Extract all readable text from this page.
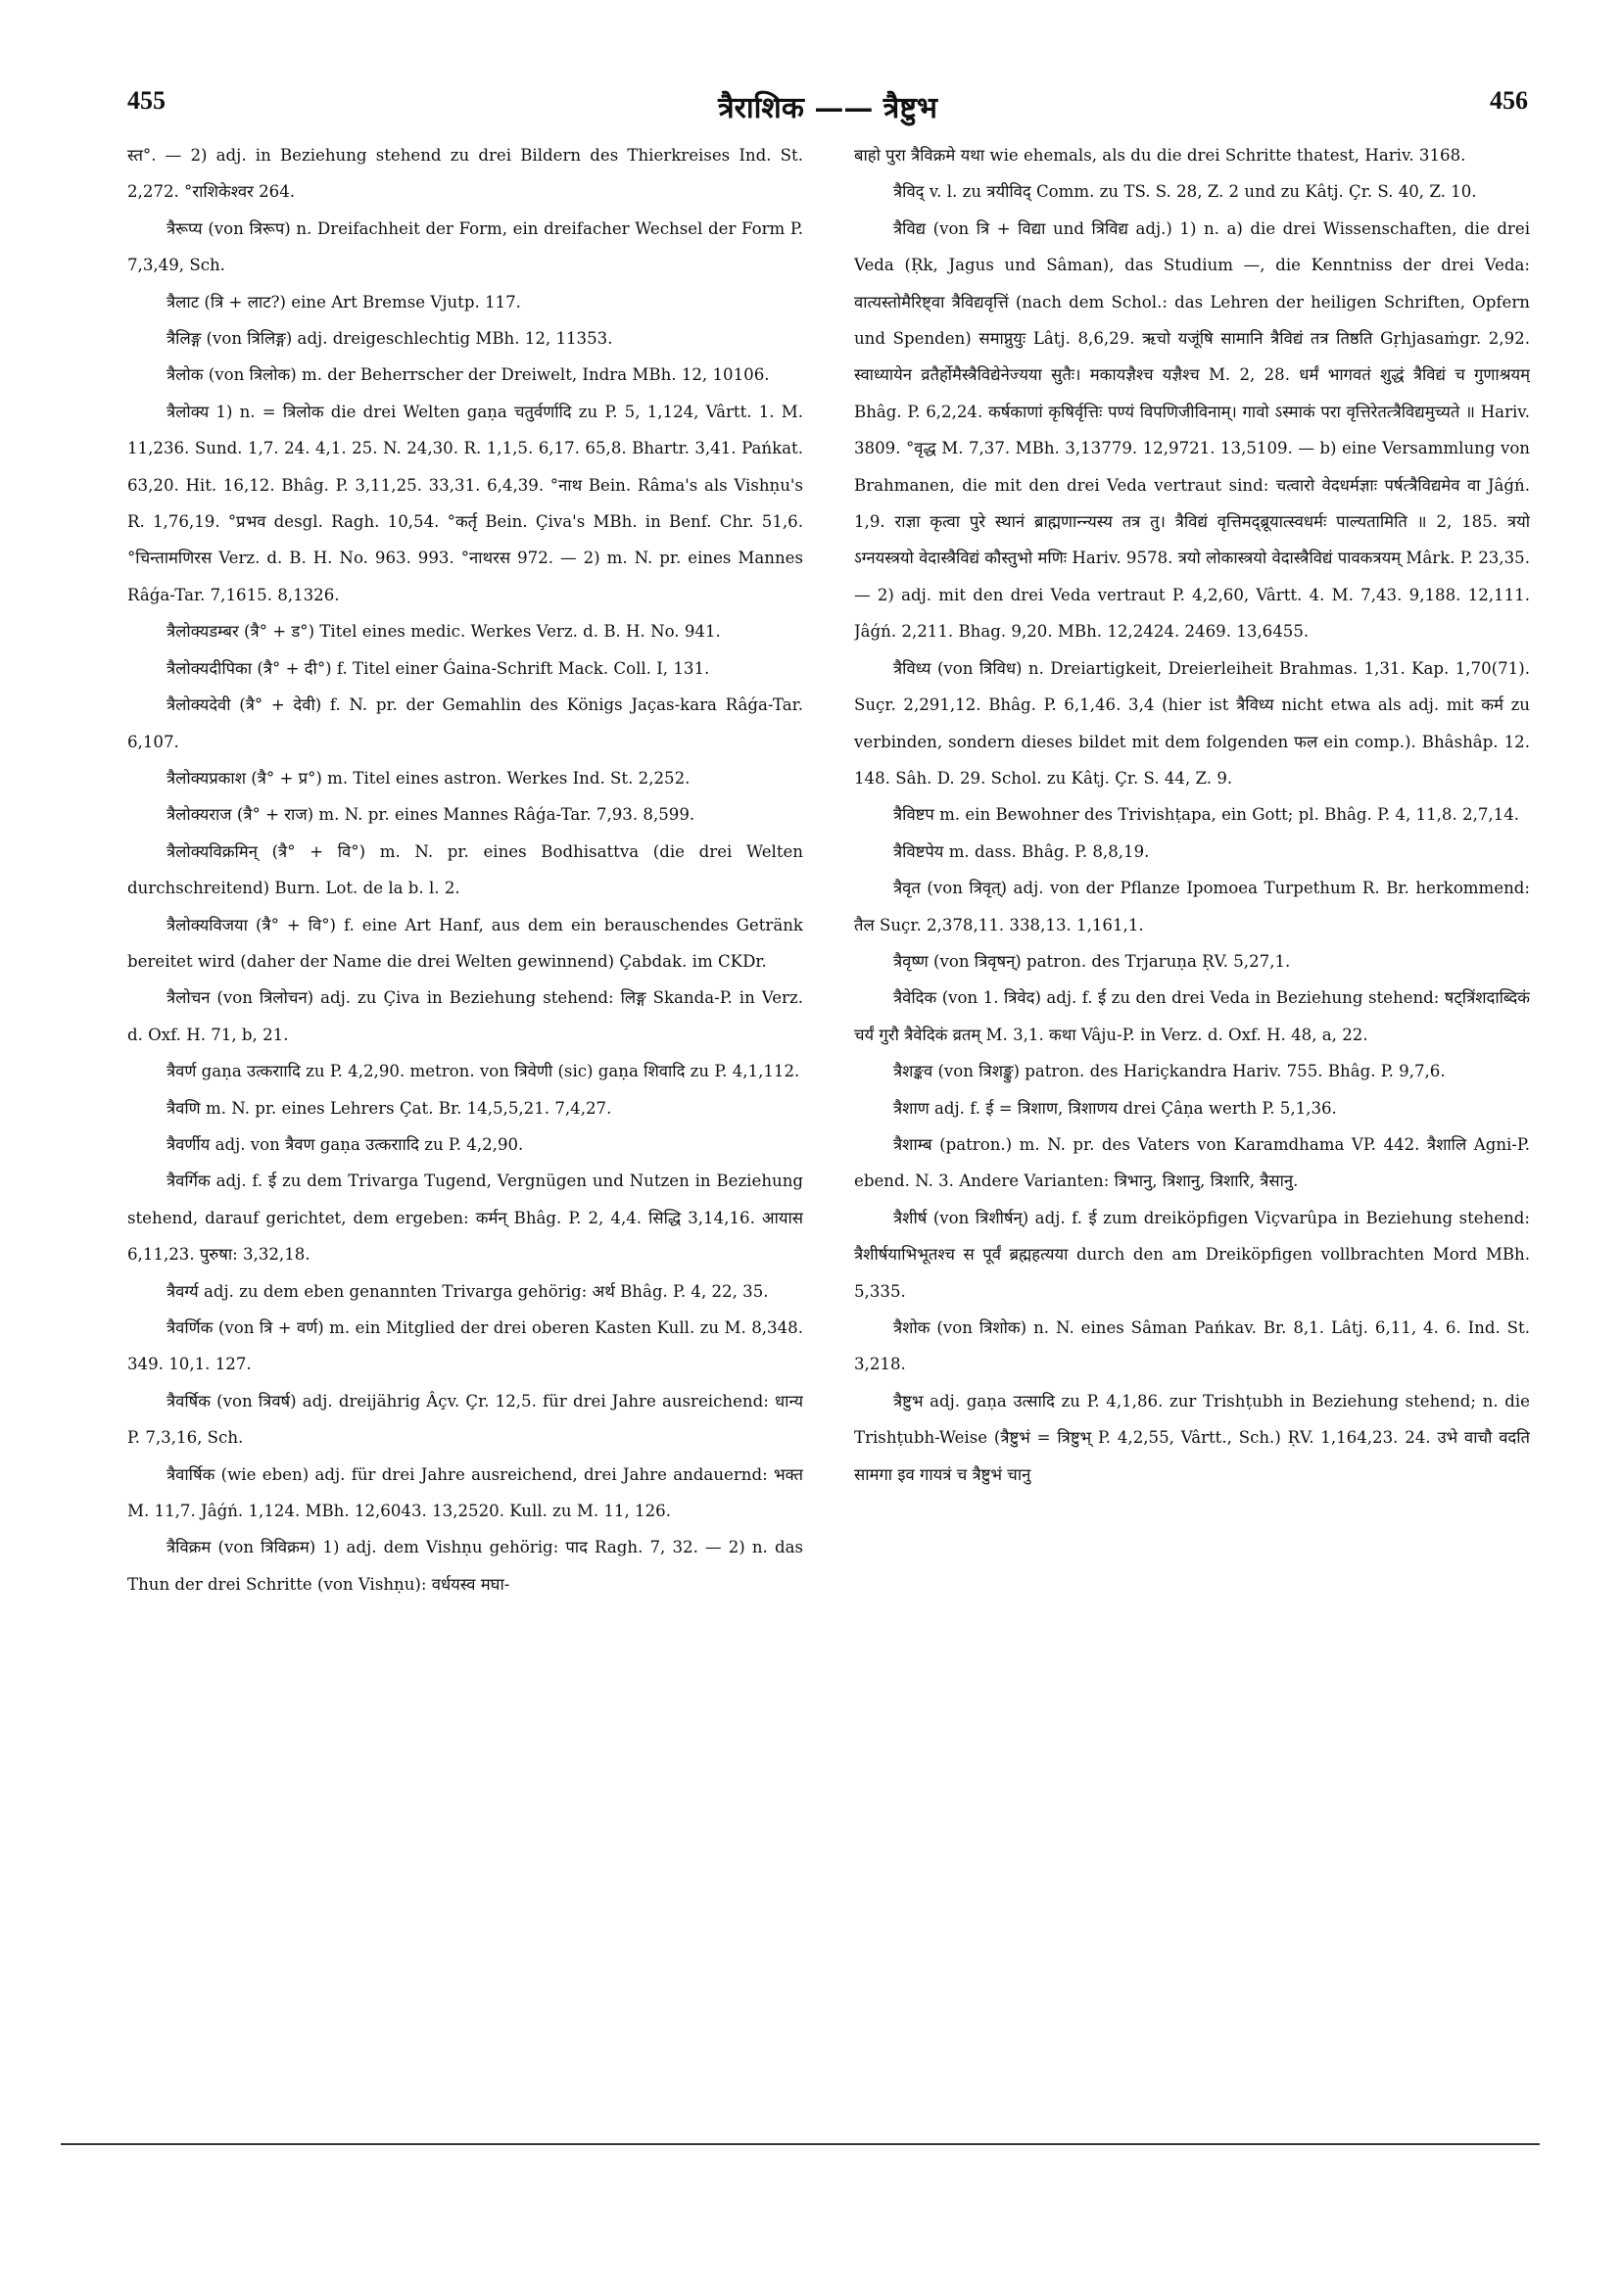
455	त्रैराशिक —— त्रैष्टुभ	456

स्त°. — 2) adj. in Beziehung stehend zu drei Bildern des Thierkreises Ind. St. 2,272. °राशिकेश्वर 264.

त्रैरूप्य (von त्रिरूप) n. Dreifachheit der Form, ein dreifacher Wechsel der Form P. 7,3,49, Sch.

त्रैलाट (त्रि + लाट?) eine Art Bremse Vjutp. 117.

त्रैलिङ्ग (von त्रिलिङ्ग) adj. dreigeschlechtig MBh. 12, 11353.

त्रैलोक (von त्रिलोक) m. der Beherrscher der Dreiwelt, Indra MBh. 12, 10106.

त्रैलोक्य 1) n. = त्रिलोक die drei Welten gaṇa चतुर्वर्णादि zu P. 5, 1,124, Vârtt. 1. M. 11,236. Sund. 1,7. 24. 4,1. 25. N. 24,30. R. 1,1,5. 6,17. 65,8. Bhartr. 3,41. Pańkat. 63,20. Hit. 16,12. Bhâg. P. 3,11,25. 33,31. 6,4,39. °नाथ Bein. Râma's als Vishṇu's R. 1,76,19. °प्रभव desgl. Ragh. 10,54. °कर्तृ Bein. Çiva's MBh. in Benf. Chr. 51,6. °चिन्तामणिरस Verz. d. B. H. No. 963. 993. °नाथरस 972. — 2) m. N. pr. eines Mannes Râǵa-Tar. 7,1615. 8,1326.

त्रैलोक्यडम्बर (त्रै° + ड°) Titel eines medic. Werkes Verz. d. B. H. No. 941.

त्रैलोक्यदीपिका (त्रै° + दी°) f. Titel einer Ǵaina-Schrift Mack. Coll. I, 131.

त्रैलोक्यदेवी (त्रै° + देवी) f. N. pr. der Gemahlin des Königs Jaças-kara Râǵa-Tar. 6,107.

त्रैलोक्यप्रकाश (त्रै° + प्र°) m. Titel eines astron. Werkes Ind. St. 2,252.

त्रैलोक्यराज (त्रै° + राज) m. N. pr. eines Mannes Râǵa-Tar. 7,93. 8,599.

त्रैलोक्यविक्रमिन् (त्रै° + वि°) m. N. pr. eines Bodhisattva (die drei Welten durchschreitend) Burn. Lot. de la b. l. 2.

त्रैलोक्यविजया (त्रै° + वि°) f. eine Art Hanf, aus dem ein berauschendes Getränk bereitet wird (daher der Name die drei Welten gewinnend) Çabdak. im CKDr.

त्रैलोचन (von त्रिलोचन) adj. zu Çiva in Beziehung stehend: लिङ्ग Skanda-P. in Verz. d. Oxf. H. 71, b, 21.

त्रैवर्ण gaṇa उत्कराादि zu P. 4,2,90. metron. von त्रिवेणी (sic) gaṇa शिवादि zu P. 4,1,112.

त्रैवणि m. N. pr. eines Lehrers Çat. Br. 14,5,5,21. 7,4,27.

त्रैवर्णीय adj. von त्रैवण gaṇa उत्कराादि zu P. 4,2,90.

त्रैवर्गिक adj. f. ई zu dem Trivarga Tugend, Vergnügen und Nutzen in Beziehung stehend, darauf gerichtet, dem ergeben: कर्मन् Bhâg. P. 2, 4,4. सिद्धि 3,14,16. आयास 6,11,23. पुरुषा: 3,32,18.

त्रैवर्ग्य adj. zu dem eben genannten Trivarga gehörig: अर्थ Bhâg. P. 4, 22, 35.

त्रैवर्णिक (von त्रि + वर्ण) m. ein Mitglied der drei oberen Kasten Kull. zu M. 8,348. 349. 10,1. 127.

त्रैवर्षिक (von त्रिवर्ष) adj. dreijährig Âçv. Çr. 12,5. für drei Jahre ausreichend: धान्य P. 7,3,16, Sch.

त्रैवार्षिक (wie eben) adj. für drei Jahre ausreichend, drei Jahre andauernd: भक्त M. 11,7. Jâǵń. 1,124. MBh. 12,6043. 13,2520. Kull. zu M. 11, 126.

त्रैविक्रम (von त्रिविक्रम) 1) adj. dem Vishṇu gehörig: पाद Ragh. 7, 32. — 2) n. das Thun der drei Schritte (von Vishṇu): वर्धयस्व मघा-

बाहो पुरा त्रैविक्रमे यथा wie ehemals, als du die drei Schritte thatest, Hariv. 3168.

त्रैविद् v. l. zu त्रयीविद् Comm. zu TS. S. 28, Z. 2 und zu Kâtj. Çr. S. 40, Z. 10.

त्रैविद्य (von त्रि + विद्या und त्रिविद्य adj.) 1) n. a) die drei Wissenschaften, die drei Veda (Ṛk, Jagus und Sâman), das Studium —, die Kenntniss der drei Veda: वात्यस्तोमैरिष्ट्वा त्रैविद्यवृत्तिं (nach dem Schol.: das Lehren der heiligen Schriften, Opfern und Spenden) समाप्नुयुः Lâtj. 8,6,29. ऋचो यजूंषि सामानि त्रैविद्यं तत्र तिष्ठति Gṛhjasaṁgr. 2,92. स्वाध्यायेन व्रतैर्होमैस्त्रैविद्येनेज्यया सुतैः। मकायज्ञैश्च यज्ञैश्च M. 2, 28. धर्मं भागवतं शुद्धं त्रैविद्यं च गुणाश्रयम् Bhâg. P. 6,2,24. कर्षकाणां कृषिर्वृत्तिः पण्यं विपणिजीविनाम्। गावो ऽस्माकं परा वृत्तिरेतत्त्रैविद्यमुच्यते ॥ Hariv. 3809. °वृद्ध M. 7,37. MBh. 3,13779. 12,9721. 13,5109. — b) eine Versammlung von Brahmanen, die mit den drei Veda vertraut sind: चत्वारो वेदधर्मज्ञाः पर्षत्त्रैविद्यमेव वा Jâǵń. 1,9. राज्ञा कृत्वा पुरे स्थानं ब्राह्मणान्न्यस्य तत्र तु। त्रैविद्यं वृत्तिमद्ब्रूयात्स्वधर्मः पाल्यतामिति ॥ 2, 185. त्रयो ऽग्नयस्त्रयो वेदास्त्रैविद्यं कौस्तुभो मणिः Hariv. 9578. त्रयो लोकास्त्रयो वेदास्त्रैविद्यं पावकत्रयम् Mârk. P. 23,35. — 2) adj. mit den drei Veda vertraut P. 4,2,60, Vârtt. 4. M. 7,43. 9,188. 12,111. Jâǵń. 2,211. Bhag. 9,20. MBh. 12,2424. 2469. 13,6455.

त्रैविध्य (von त्रिविध) n. Dreiartigkeit, Dreierleiheit Brahmas. 1,31. Kap. 1,70(71). Suçr. 2,291,12. Bhâg. P. 6,1,46. 3,4 (hier ist त्रैविध्य nicht etwa als adj. mit कर्म zu verbinden, sondern dieses bildet mit dem folgenden फल ein comp.). Bhâshâp. 12. 148. Sâh. D. 29. Schol. zu Kâtj. Çr. S. 44, Z. 9.

त्रैविष्टप m. ein Bewohner des Trivishṭapa, ein Gott; pl. Bhâg. P. 4, 11,8. 2,7,14.

त्रैविष्टपेय m. dass. Bhâg. P. 8,8,19.

त्रैवृत (von त्रिवृत्) adj. von der Pflanze Ipomoea Turpethum R. Br. herkommend: तैल Suçr. 2,378,11. 338,13. 1,161,1.

त्रैवृष्ण (von त्रिवृषन्) patron. des Trjaruṇa ṚV. 5,27,1.

त्रैवेदिक (von 1. त्रिवेद) adj. f. ई zu den drei Veda in Beziehung stehend: षट्त्रिंशदाब्दिकं चर्यं गुरौ त्रैवेदिकं व्रतम् M. 3,1. कथा Vâju-P. in Verz. d. Oxf. H. 48, a, 22.

त्रैशङ्कव (von त्रिशङ्कु) patron. des Hariçkandra Hariv. 755. Bhâg. P. 9,7,6.

त्रैशाण adj. f. ई = त्रिशाण, त्रिशाणय drei Çâṇa werth P. 5,1,36.

त्रैशाम्ब (patron.) m. N. pr. des Vaters von Karamdhama VP. 442. त्रैशालि Agni-P. ebend. N. 3. Andere Varianten: त्रिभानु, त्रिशानु, त्रिशारि, त्रैसानु.

त्रैशीर्ष (von त्रिशीर्षन्) adj. f. ई zum dreiköpfigen Viçvarûpa in Beziehung stehend: त्रैशीर्षयाभिभूतश्च स पूर्वं ब्रह्महत्यया durch den am Dreiköpfigen vollbrachten Mord MBh. 5,335.

त्रैशोक (von त्रिशोक) n. N. eines Sâman Pańkav. Br. 8,1. Lâtj. 6,11, 4. 6. Ind. St. 3,218.

त्रैष्टुभ adj. gaṇa उत्सादि zu P. 4,1,86. zur Trishṭubh in Beziehung stehend; n. die Trishṭubh-Weise (त्रैष्टुभं = त्रिष्टुभ् P. 4,2,55, Vârtt., Sch.) ṚV. 1,164,23. 24. उभे वाचौ वदति सामगा इव गायत्रं च त्रैष्टुभं चानु
